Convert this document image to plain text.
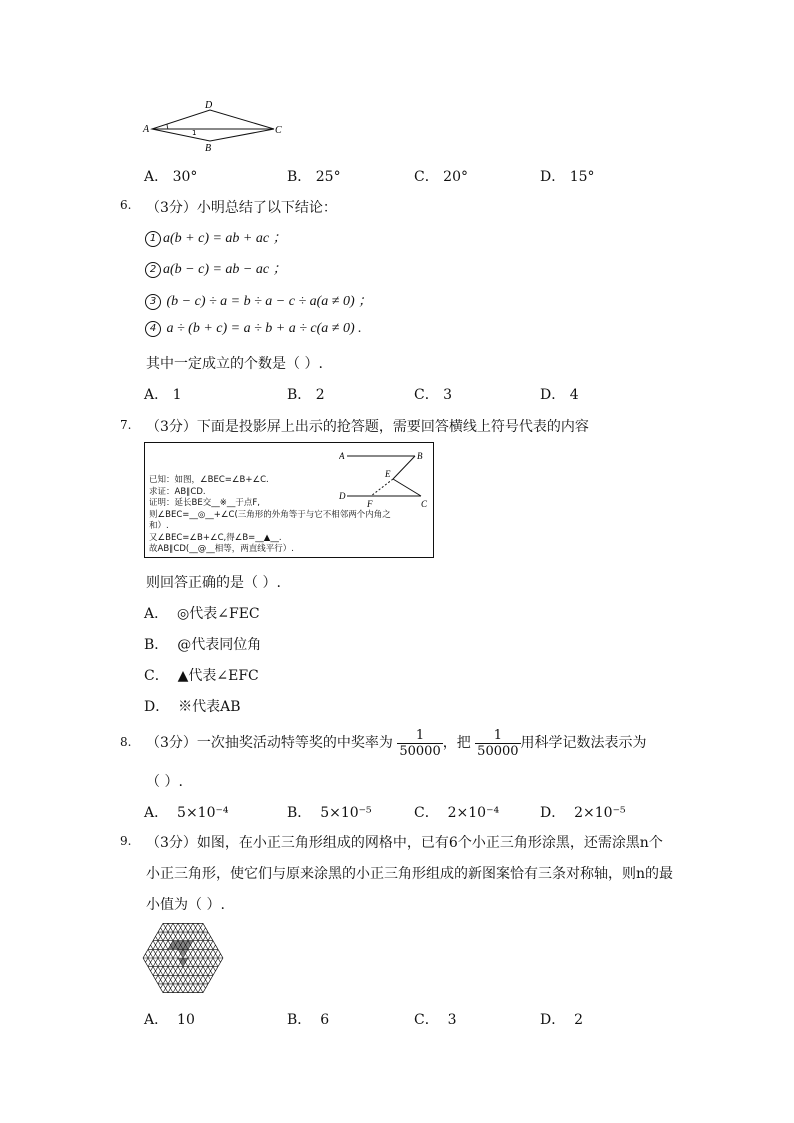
D
A	C
B
1
A． 30°	B． 25°	C． 20°	D． 15°
6. （3分）小明总结了以下结论：
1 a(b + c) = ab + ac ；
2 a(b − c) = ab − ac ；
3 (b − c) ÷ a = b ÷ a − c ÷ a(a ≠ 0) ；
4 a ÷ (b + c) = a ÷ b + a ÷ c(a ≠ 0) .
其中一定成立的个数是（ ）.
A． 1	B． 2	C． 3	D． 4
7. （3分）下面是投影屏上出示的抢答题，需要回答横线上符号代表的内容
已知：如图，∠BEC=∠B+∠C.
求证：AB∥CD.
证明：延长BE交__※__于点F,
则∠BEC=__◎__+∠C(三角形的外角等于与它不相邻两个内角之
和）.
又∠BEC=∠B+∠C,得∠B=__▲__.
故AB∥CD(__@__相等，两直线平行）.
A	B
E
D
F	C
则回答正确的是（ ）.
A． ◎代表∠FEC
B． @代表同位角
C． ▲代表∠EFC
D． ※代表AB
8. （3分）一次抽奖活动特等奖的中奖率为 $\frac{1}{50000}$ ，把 $\frac{1}{50000}$ 用科学记数法表示为
（ ）.
A． 5×10⁻⁴	B． 5×10⁻⁵	C． 2×10⁻⁴	D． 2×10⁻⁵
9. （3分）如图，在小正三角形组成的网格中，已有6个小正三角形涂黑，还需涂黑n个
小正三角形，使它们与原来涂黑的小正三角形组成的新图案恰有三条对称轴，则n的最
小值为（ ）.
A． 10	B． 6	C． 3	D． 2
